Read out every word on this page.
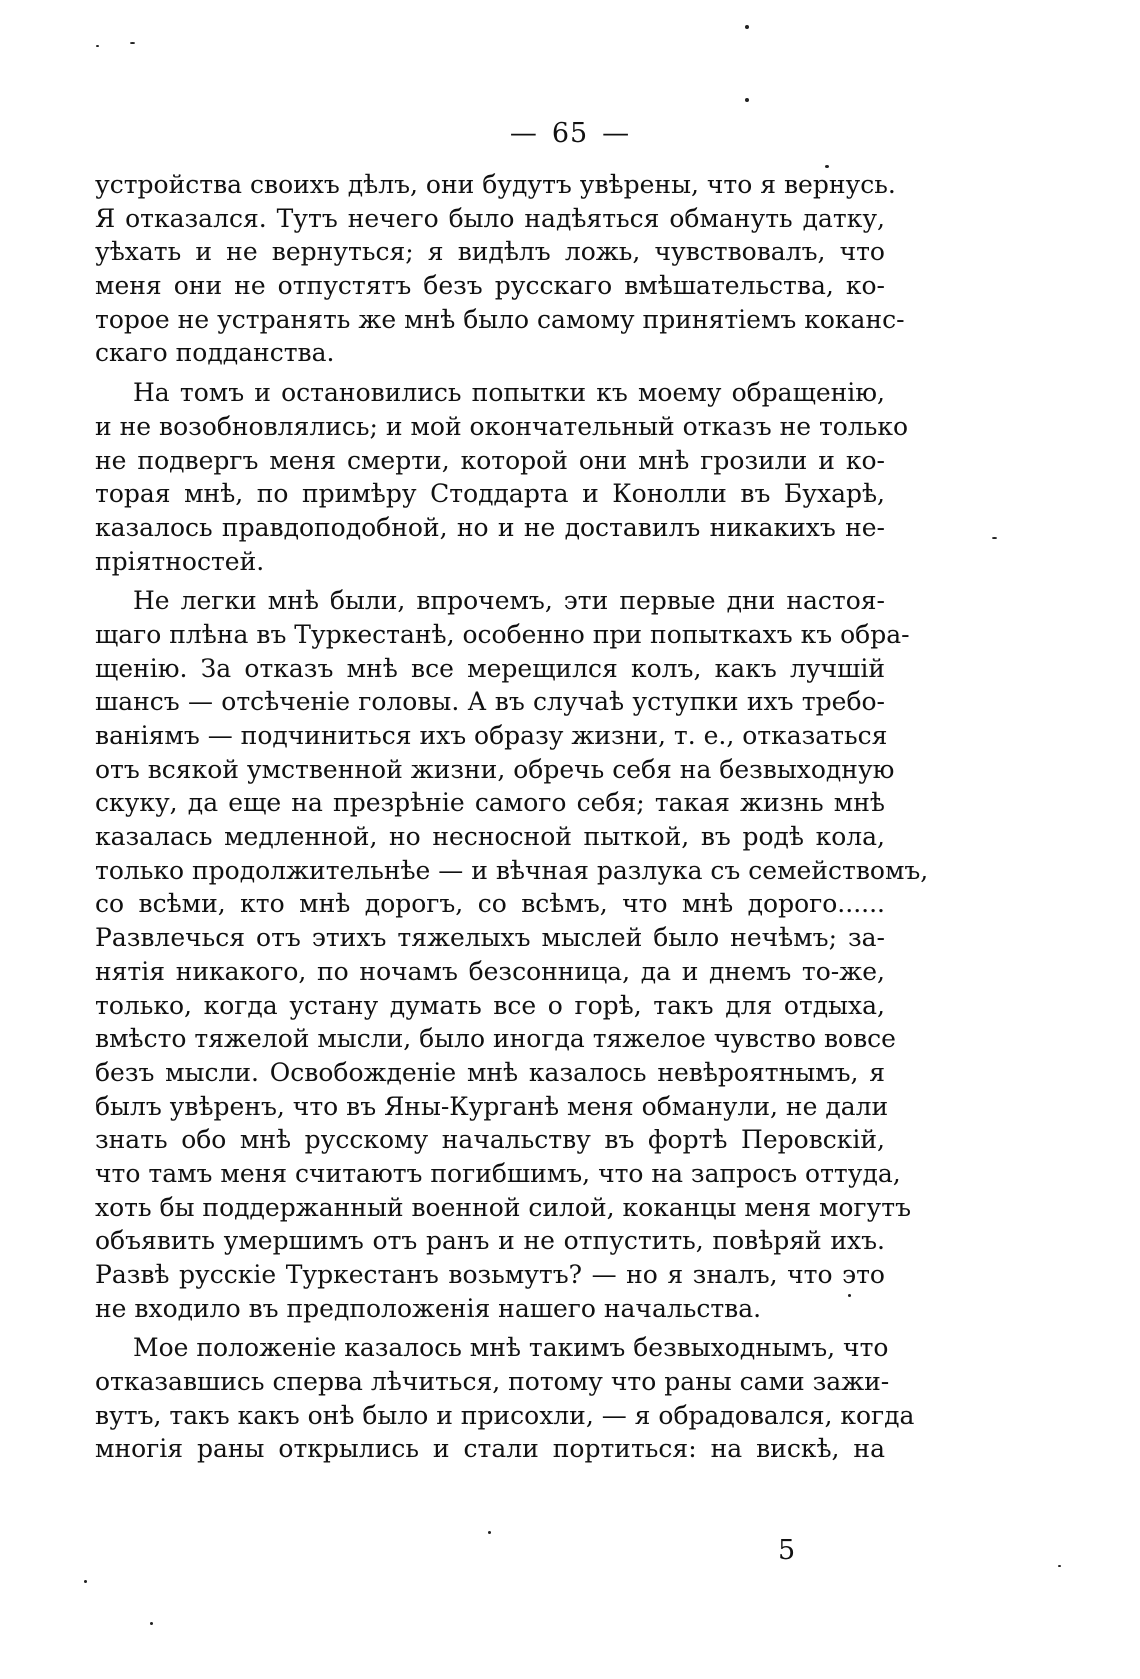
— 65 —
устройства своихъ дѣлъ, они будутъ увѣрены, что я вернусь.
Я отказался. Тутъ нечего было надѣяться обмануть датку,
уѣхать и не вернуться; я видѣлъ ложь, чувствовалъ, что
меня они не отпустятъ безъ русскаго вмѣшательства, ко-
торое не устранять же мнѣ было самому принятіемъ коканс-
скаго подданства.
На томъ и остановились попытки къ моему обращенію,
и не возобновлялись; и мой окончательный отказъ не только
не подвергъ меня смерти, которой они мнѣ грозили и ко-
торая мнѣ, по примѣру Стоддарта и Конолли въ Бухарѣ,
казалось правдоподобной, но и не доставилъ никакихъ не-
пріятностей.
Не легки мнѣ были, впрочемъ, эти первые дни настоя-
щаго плѣна въ Туркестанѣ, особенно при попыткахъ къ обра-
щенію. За отказъ мнѣ все мерещился колъ, какъ лучшій
шансъ — отсѣченіе головы. А въ случаѣ уступки ихъ требо-
ваніямъ — подчиниться ихъ образу жизни, т. е., отказаться
отъ всякой умственной жизни, обречь себя на безвыходную
скуку, да еще на презрѣніе самого себя; такая жизнь мнѣ
казалась медленной, но несносной пыткой, въ родѣ кола,
только продолжительнѣе — и вѣчная разлука съ семействомъ,
со всѣми, кто мнѣ дорогъ, со всѣмъ, что мнѣ дорого......
Развлечься отъ этихъ тяжелыхъ мыслей было нечѣмъ; за-
нятія никакого, по ночамъ безсонница, да и днемъ то-же,
только, когда устану думать все о горѣ, такъ для отдыха,
вмѣсто тяжелой мысли, было иногда тяжелое чувство вовсе
безъ мысли. Освобожденіе мнѣ казалось невѣроятнымъ, я
былъ увѣренъ, что въ Яны-Курганѣ меня обманули, не дали
знать обо мнѣ русскому начальству въ фортѣ Перовскій,
что тамъ меня считаютъ погибшимъ, что на запросъ оттуда,
хоть бы поддержанный военной силой, коканцы меня могутъ
объявить умершимъ отъ ранъ и не отпустить, повѣряй ихъ.
Развѣ русскіе Туркестанъ возьмутъ? — но я зналъ, что это
не входило въ предположенія нашего начальства.
Мое положеніе казалось мнѣ такимъ безвыходнымъ, что
отказавшись сперва лѣчиться, потому что раны сами зажи-
вутъ, такъ какъ онѣ было и присохли, — я обрадовался, когда
многія раны открылись и стали портиться: на вискѣ, на
5
